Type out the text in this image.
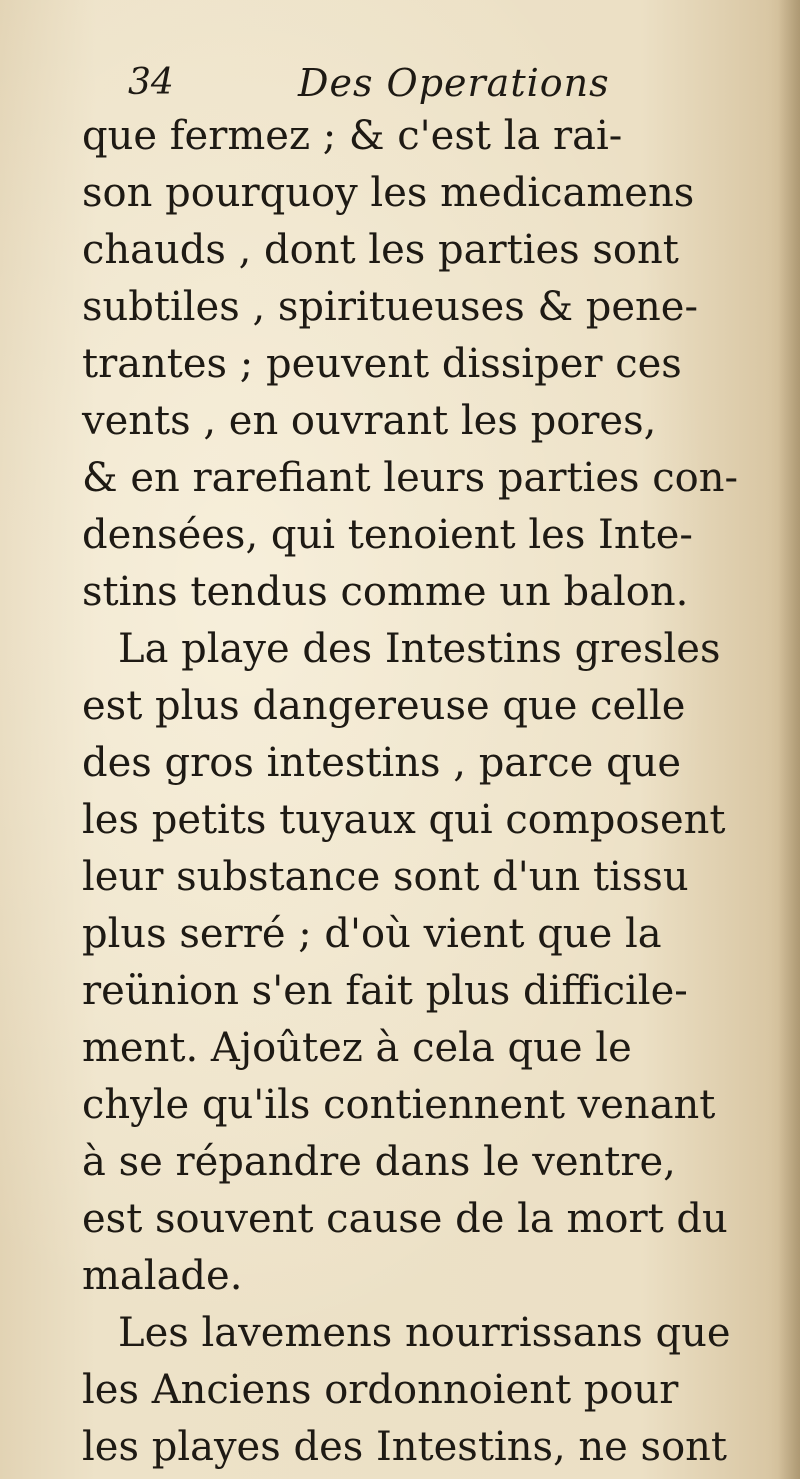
34	Des Operations
que fermez ; & c'est la rai-
son pourquoy les medicamens
chauds , dont les parties sont
subtiles , spiritueuses & pene-
trantes ; peuvent dissiper ces
vents , en ouvrant les pores,
& en rarefiant leurs parties con-
densées, qui tenoient les Inte-
stins tendus comme un balon.
La playe des Intestins gresles
est plus dangereuse que celle
des gros intestins , parce que
les petits tuyaux qui composent
leur substance sont d'un tissu
plus serré ; d'où vient que la
reünion s'en fait plus difficile-
ment. Ajoûtez à cela que le
chyle qu'ils contiennent venant
à se répandre dans le ventre,
est souvent cause de la mort du
malade.
Les lavemens nourrissans que
les Anciens ordonnoient pour
les playes des Intestins, ne sont
